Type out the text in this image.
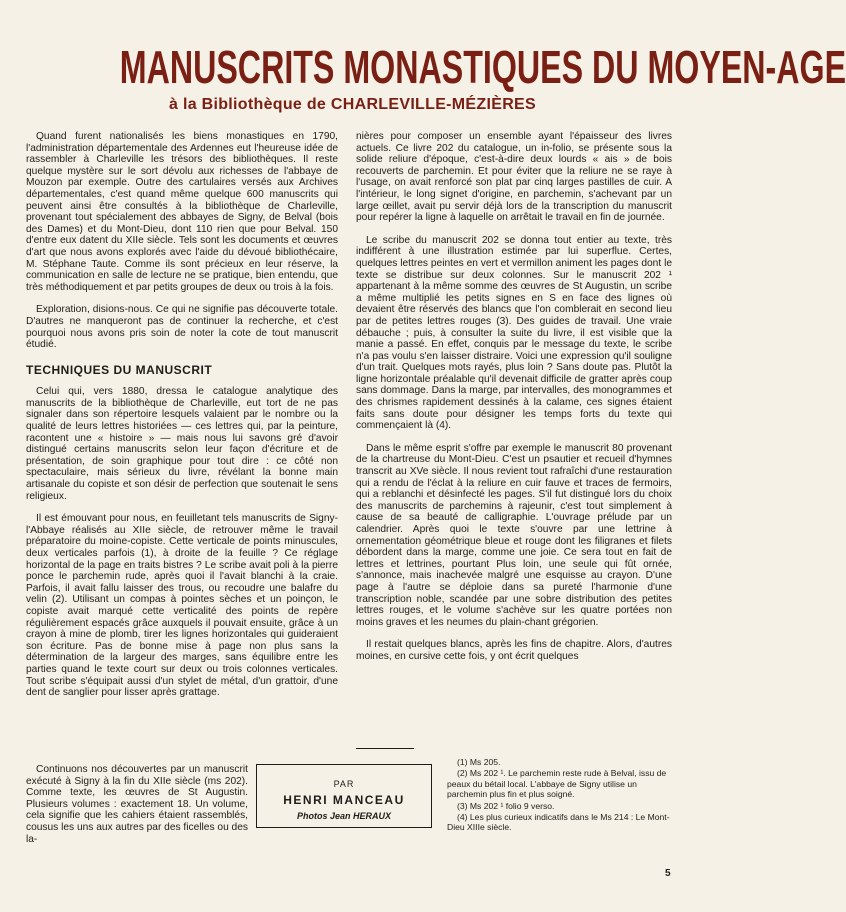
MANUSCRITS MONASTIQUES DU MOYEN-AGE
à la Bibliothèque de CHARLEVILLE-MÉZIÈRES

Quand furent nationalisés les biens monastiques en 1790, l'administration départementale des Ardennes eut l'heureuse idée de rassembler à Charleville les trésors des bibliothèques. Il reste quelque mystère sur le sort dévolu aux richesses de l'abbaye de Mouzon par exemple. Outre des cartulaires versés aux Archives départementales, c'est quand même quelque 600 manuscrits qui peuvent ainsi être consultés à la bibliothèque de Charleville, provenant tout spécialement des abbayes de Signy, de Belval (bois des Dames) et du Mont-Dieu, dont 110 rien que pour Belval. 150 d'entre eux datent du XIIe siècle. Tels sont les documents et œuvres d'art que nous avons explorés avec l'aide du dévoué bibliothécaire, M. Stéphane Taute. Comme ils sont précieux en leur réserve, la communication en salle de lecture ne se pratique, bien entendu, que très méthodiquement et par petits groupes de deux ou trois à la fois.

Exploration, disions-nous. Ce qui ne signifie pas découverte totale. D'autres ne manqueront pas de continuer la recherche, et c'est pourquoi nous avons pris soin de noter la cote de tout manuscrit étudié.

TECHNIQUES DU MANUSCRIT

Celui qui, vers 1880, dressa le catalogue analytique des manuscrits de la bibliothèque de Charleville, eut tort de ne pas signaler dans son répertoire lesquels valaient par le nombre ou la qualité de leurs lettres historiées — ces lettres qui, par la peinture, racontent une « histoire » — mais nous lui savons gré d'avoir distingué certains manuscrits selon leur façon d'écriture et de présentation, de soin graphique pour tout dire : ce côté non spectaculaire, mais sérieux du livre, révélant la bonne main artisanale du copiste et son désir de perfection que soutenait le sens religieux.

Il est émouvant pour nous, en feuilletant tels manuscrits de Signy-l'Abbaye réalisés au XIIe siècle, de retrouver même le travail préparatoire du moine-copiste. Cette verticale de points minuscules, deux verticales parfois (1), à droite de la feuille ? Ce réglage horizontal de la page en traits bistres ? Le scribe avait poli à la pierre ponce le parchemin rude, après quoi il l'avait blanchi à la craie. Parfois, il avait fallu laisser des trous, ou recoudre une balafre du velin (2). Utilisant un compas à pointes sèches et un poinçon, le copiste avait marqué cette verticalité des points de repère régulièrement espacés grâce auxquels il pouvait ensuite, grâce à un crayon à mine de plomb, tirer les lignes horizontales qui guideraient son écriture. Pas de bonne mise à page non plus sans la détermination de la largeur des marges, sans équilibre entre les parties quand le texte court sur deux ou trois colonnes verticales. Tout scribe s'équipait aussi d'un stylet de métal, d'un grattoir, d'une dent de sanglier pour lisser après grattage.

Continuons nos découvertes par un manuscrit exécuté à Signy à la fin du XIIe siècle (ms 202). Comme texte, les œuvres de St Augustin. Plusieurs volumes : exactement 18. Un volume, cela signifie que les cahiers étaient rassemblés, cousus les uns aux autres par des ficelles ou des la-

nières pour composer un ensemble ayant l'épaisseur des livres actuels. Ce livre 202 du catalogue, un in-folio, se présente sous la solide reliure d'époque, c'est-à-dire deux lourds « ais » de bois recouverts de parchemin. Et pour éviter que la reliure ne se raye à l'usage, on avait renforcé son plat par cinq larges pastilles de cuir. A l'intérieur, le long signet d'origine, en parchemin, s'achevant par un large œillet, avait pu servir déjà lors de la transcription du manuscrit pour repérer la ligne à laquelle on arrêtait le travail en fin de journée.

Le scribe du manuscrit 202 se donna tout entier au texte, très indifférent à une illustration estimée par lui superflue. Certes, quelques lettres peintes en vert et vermillon animent les pages dont le texte se distribue sur deux colonnes. Sur le manuscrit 202 ¹ appartenant à la même somme des œuvres de St Augustin, un scribe a même multiplié les petits signes en S en face des lignes où devaient être réservés des blancs que l'on comblerait en second lieu par de petites lettres rouges (3). Des guides de travail. Une vraie débauche ; puis, à consulter la suite du livre, il est visible que la manie a passé. En effet, conquis par le message du texte, le scribe n'a pas voulu s'en laisser distraire. Voici une expression qu'il souligne d'un trait. Quelques mots rayés, plus loin ? Sans doute pas. Plutôt la ligne horizontale préalable qu'il devenait difficile de gratter après coup sans dommage. Dans la marge, par intervalles, des monogrammes et des chrismes rapidement dessinés à la calame, ces signes étaient faits sans doute pour désigner les temps forts du texte qui commençaient là (4).

Dans le même esprit s'offre par exemple le manuscrit 80 provenant de la chartreuse du Mont-Dieu. C'est un psautier et recueil d'hymnes transcrit au XVe siècle. Il nous revient tout rafraîchi d'une restauration qui a rendu de l'éclat à la reliure en cuir fauve et traces de fermoirs, qui a reblanchi et désinfecté les pages. S'il fut distingué lors du choix des manuscrits de parchemins à rajeunir, c'est tout simplement à cause de sa beauté de calligraphie. L'ouvrage prélude par un calendrier. Après quoi le texte s'ouvre par une lettrine à ornementation géométrique bleue et rouge dont les filigranes et filets débordent dans la marge, comme une joie. Ce sera tout en fait de lettres et lettrines, pourtant Plus loin, une seule qui fût ornée, s'annonce, mais inachevée malgré une esquisse au crayon. D'une page à l'autre se déploie dans sa pureté l'harmonie d'une transcription noble, scandée par une sobre distribution des petites lettres rouges, et le volume s'achève sur les quatre portées non moins graves et les neumes du plain-chant grégorien.

Il restait quelques blancs, après les fins de chapitre. Alors, d'autres moines, en cursive cette fois, y ont écrit quelques

PAR
HENRI MANCEAU
Photos Jean HERAUX
(1) Ms 205.
(2) Ms 202 ¹. Le parchemin reste rude à Belval, issu de peaux du bétail local. L'abbaye de Signy utilise un parchemin plus fin et plus soigné.
(3) Ms 202 ¹ folio 9 verso.
(4) Les plus curieux indicatifs dans le Ms 214 : Le Mont-Dieu XIIIe siècle.
5
